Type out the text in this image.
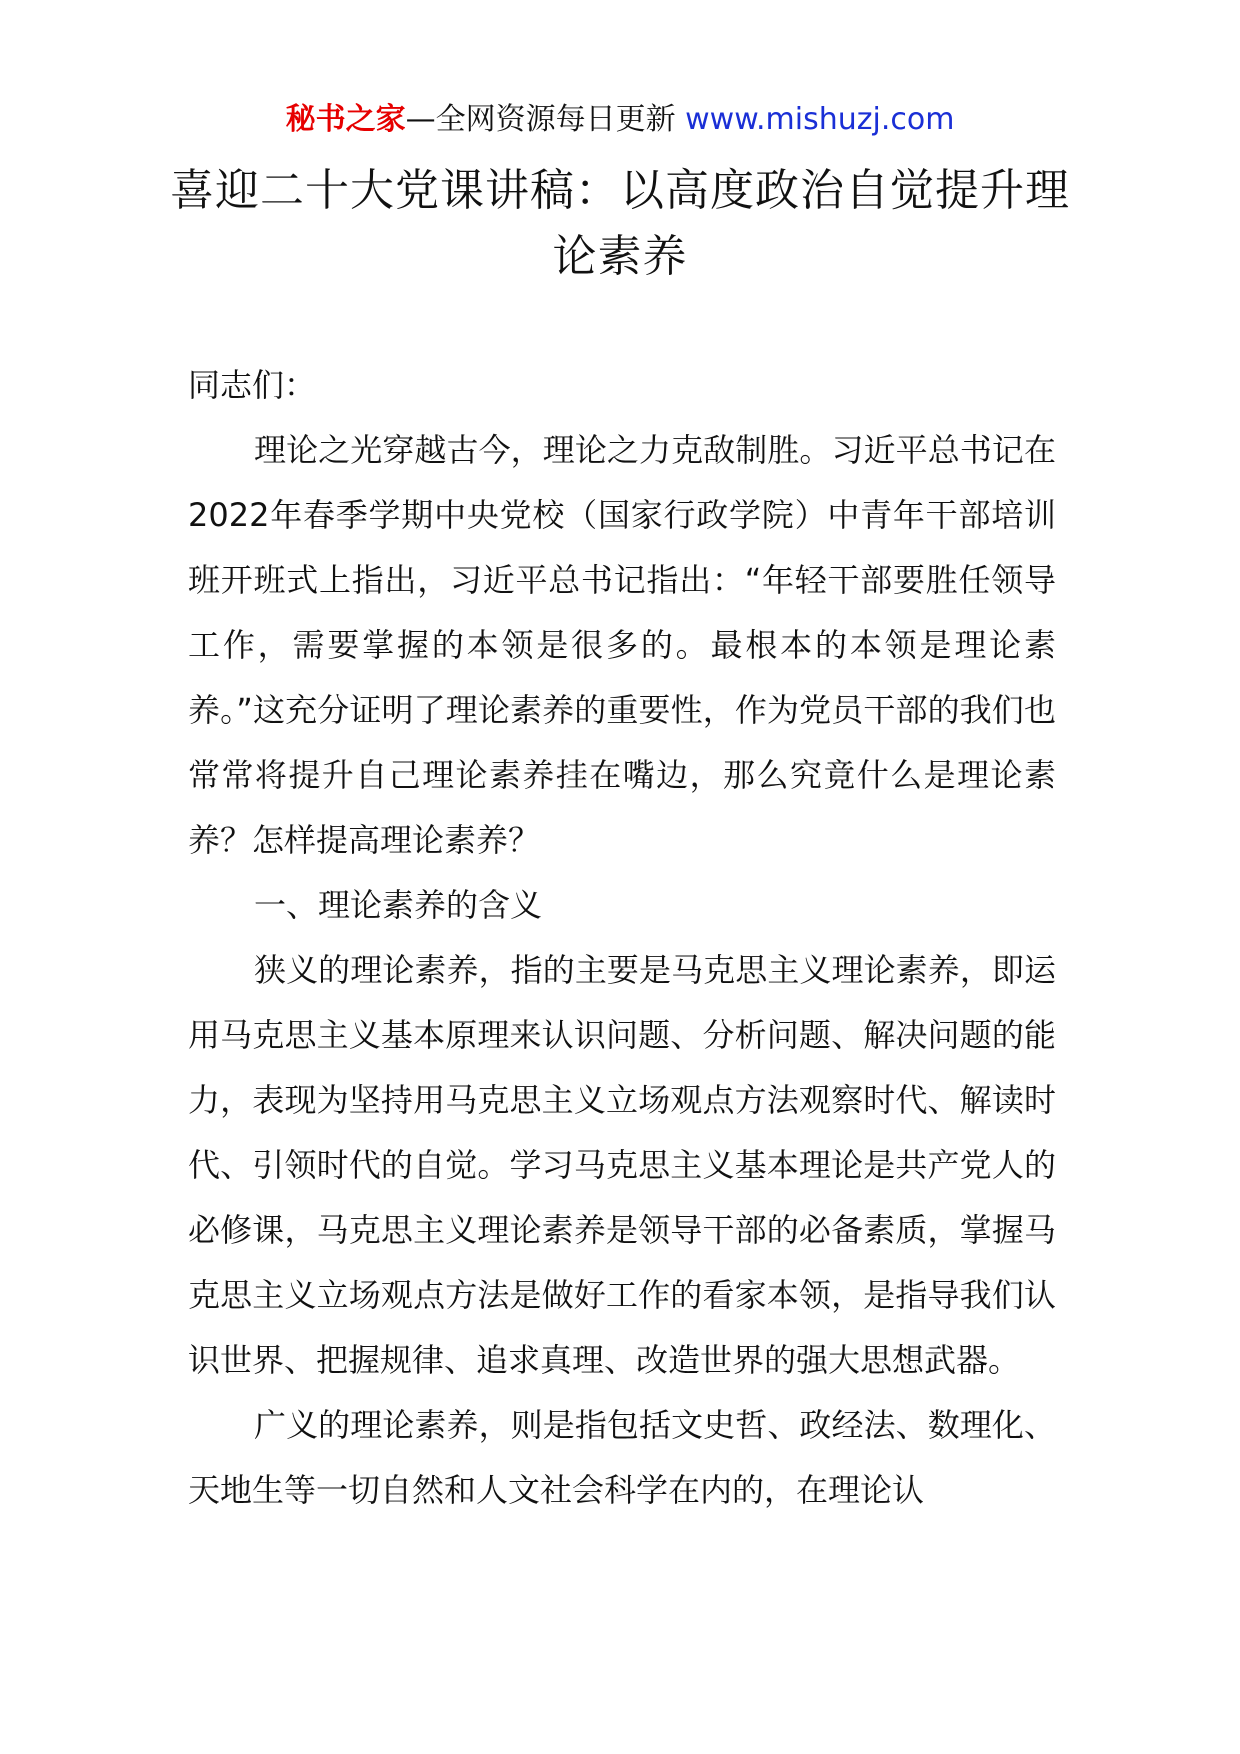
秘书之家—全网资源每日更新 www.mishuzj.com
喜迎二十大党课讲稿：以高度政治自觉提升理论素养

同志们：

理论之光穿越古今，理论之力克敌制胜。习近平总书记在2022年春季学期中央党校（国家行政学院）中青年干部培训班开班式上指出，习近平总书记指出：“年轻干部要胜任领导工作，需要掌握的本领是很多的。最根本的本领是理论素养。”这充分证明了理论素养的重要性，作为党员干部的我们也常常将提升自己理论素养挂在嘴边，那么究竟什么是理论素养？怎样提高理论素养？

一、理论素养的含义

狭义的理论素养，指的主要是马克思主义理论素养，即运用马克思主义基本原理来认识问题、分析问题、解决问题的能力，表现为坚持用马克思主义立场观点方法观察时代、解读时代、引领时代的自觉。学习马克思主义基本理论是共产党人的必修课，马克思主义理论素养是领导干部的必备素质，掌握马克思主义立场观点方法是做好工作的看家本领，是指导我们认识世界、把握规律、追求真理、改造世界的强大思想武器。

广义的理论素养，则是指包括文史哲、政经法、数理化、天地生等一切自然和人文社会科学在内的，在理论认
